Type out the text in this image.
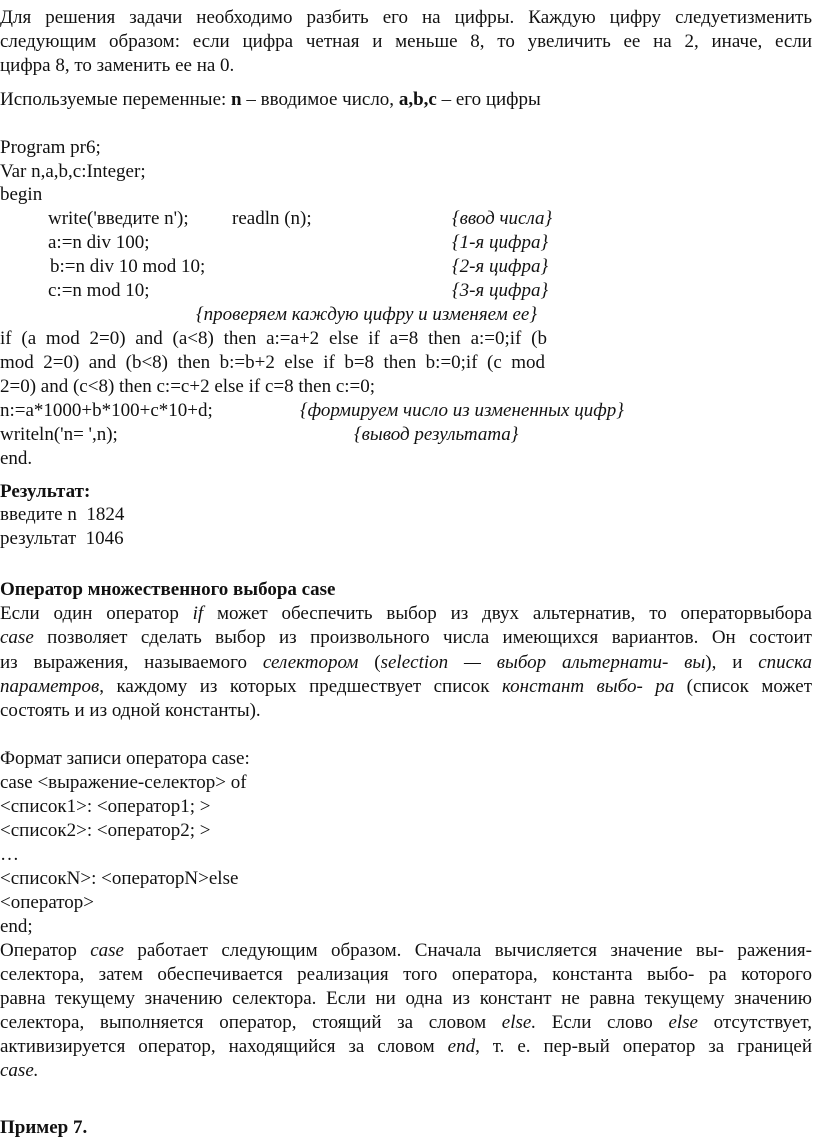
Для решения задачи необходимо разбить его на цифры. Каждую цифру следуетизменить
следующим образом: если цифра четная и меньше 8, то увеличить ее на 2, иначе, если
цифра 8, то заменить ее на 0.
Используемые переменные: n – вводимое число, a,b,c – его цифры
Program pr6;
Var n,a,b,c:Integer;
begin
write('введите n'); readln (n);	{ввод числа}
a:=n div 100;	{1-я цифра}
b:=n div 10 mod 10;	{2-я цифра}
c:=n mod 10;	{3-я цифра}
{проверяем каждую цифру и изменяем ее}
if (a mod 2=0) and (a<8) then a:=a+2 else if a=8 then a:=0;if (b
mod 2=0) and (b<8) then b:=b+2 else if b=8 then b:=0;if (c mod
2=0) and (c<8) then c:=c+2 else if c=8 then c:=0;
n:=a*1000+b*100+c*10+d;	{формируем число из измененных цифр}
writeln('n= ',n);	{вывод результата}
end.
Результат:
введите n  1824
результат  1046
Оператор множественного выбора case
Если один оператор if может обеспечить выбор из двух альтернатив, то операторвыбора
case позволяет сделать выбор из произвольного числа имеющихся вариантов. Он состоит
из выражения, называемого селектором (selection — выбор альтернати- вы), и списка
параметров, каждому из которых предшествует список констант выбо- ра (список может
состоять и из одной константы).
Формат записи оператора case:
case <выражение-селектор> of
<список1>: <оператор1; >
<список2>: <оператор2; >
…
<списокN>: <операторN>else
<оператор>
end;
Оператор case работает следующим образом. Сначала вычисляется значение вы- ражения-
селектора, затем обеспечивается реализация того оператора, константа выбо- ра которого
равна текущему значению селектора. Если ни одна из констант не равна текущему значению
селектора, выполняется оператор, стоящий за словом else. Если слово else отсутствует,
активизируется оператор, находящийся за словом end, т. е. пер-вый оператор за границей
case.
Пример 7.
